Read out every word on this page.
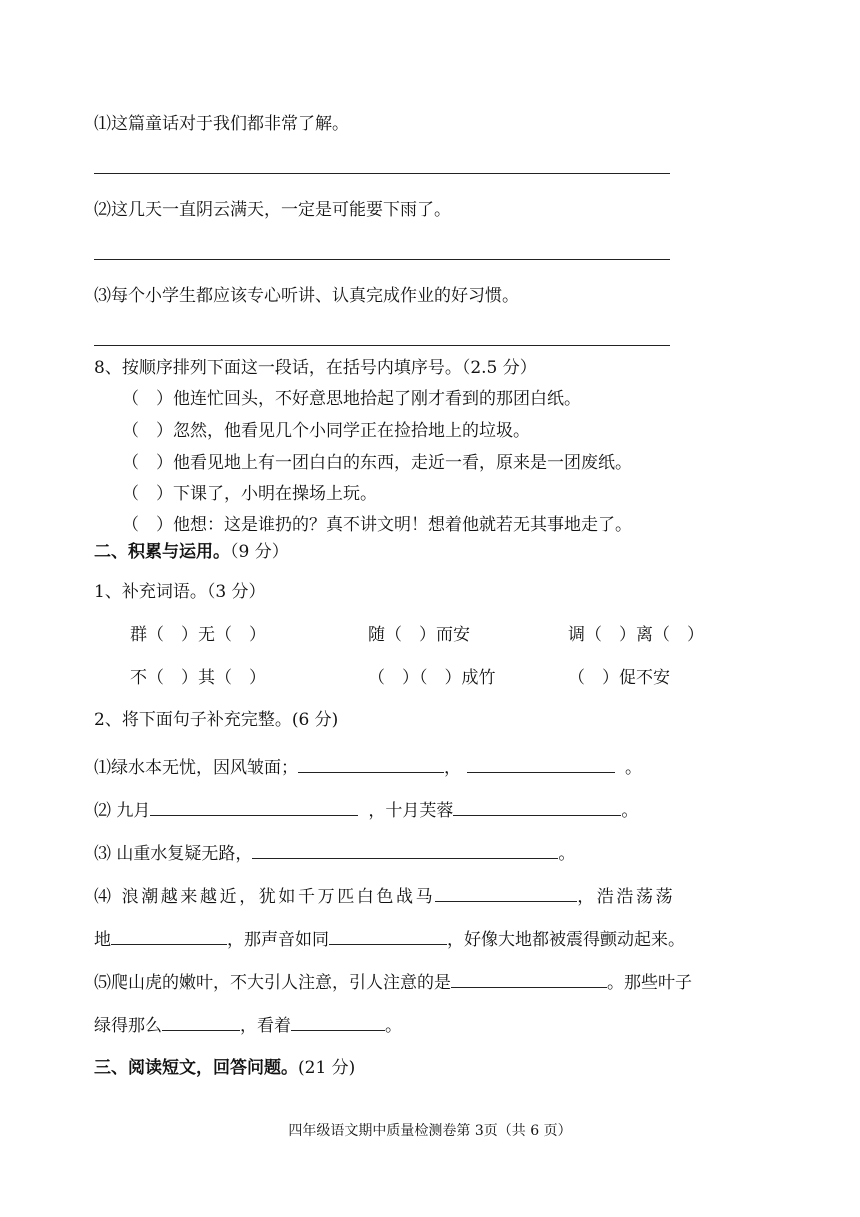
⑴这篇童话对于我们都非常了解。
⑵这几天一直阴云满天，一定是可能要下雨了。
⑶每个小学生都应该专心听讲、认真完成作业的好习惯。
8、按顺序排列下面这一段话，在括号内填序号。（2.5 分）
（　）他连忙回头，不好意思地拾起了刚才看到的那团白纸。
（　）忽然，他看见几个小同学正在捡拾地上的垃圾。
（　）他看见地上有一团白白的东西，走近一看，原来是一团废纸。
（　）下课了，小明在操场上玩。
（　）他想：这是谁扔的？真不讲文明！想着他就若无其事地走了。
二、积累与运用。（9 分）
1、补充词语。（3 分）
群（　）无（　）	随（　）而安	调（　）离（　）
不（　）其（　）	（　）（　）成竹	（　）促不安
2、将下面句子补充完整。(6 分)
⑴绿水本无忧，因风皱面；	，	。
⑵ 九月	，十月芙蓉	。
⑶ 山重水复疑无路，	。
⑷ 浪潮越来越近，犹如千万匹白色战马	，浩浩荡荡
地	，那声音如同	，好像大地都被震得颤动起来。
⑸爬山虎的嫩叶，不大引人注意，引人注意的是	。那些叶子
绿得那么	，看着	。
三、阅读短文，回答问题。(21 分)
四年级语文期中质量检测卷第 3页（共 6 页）
